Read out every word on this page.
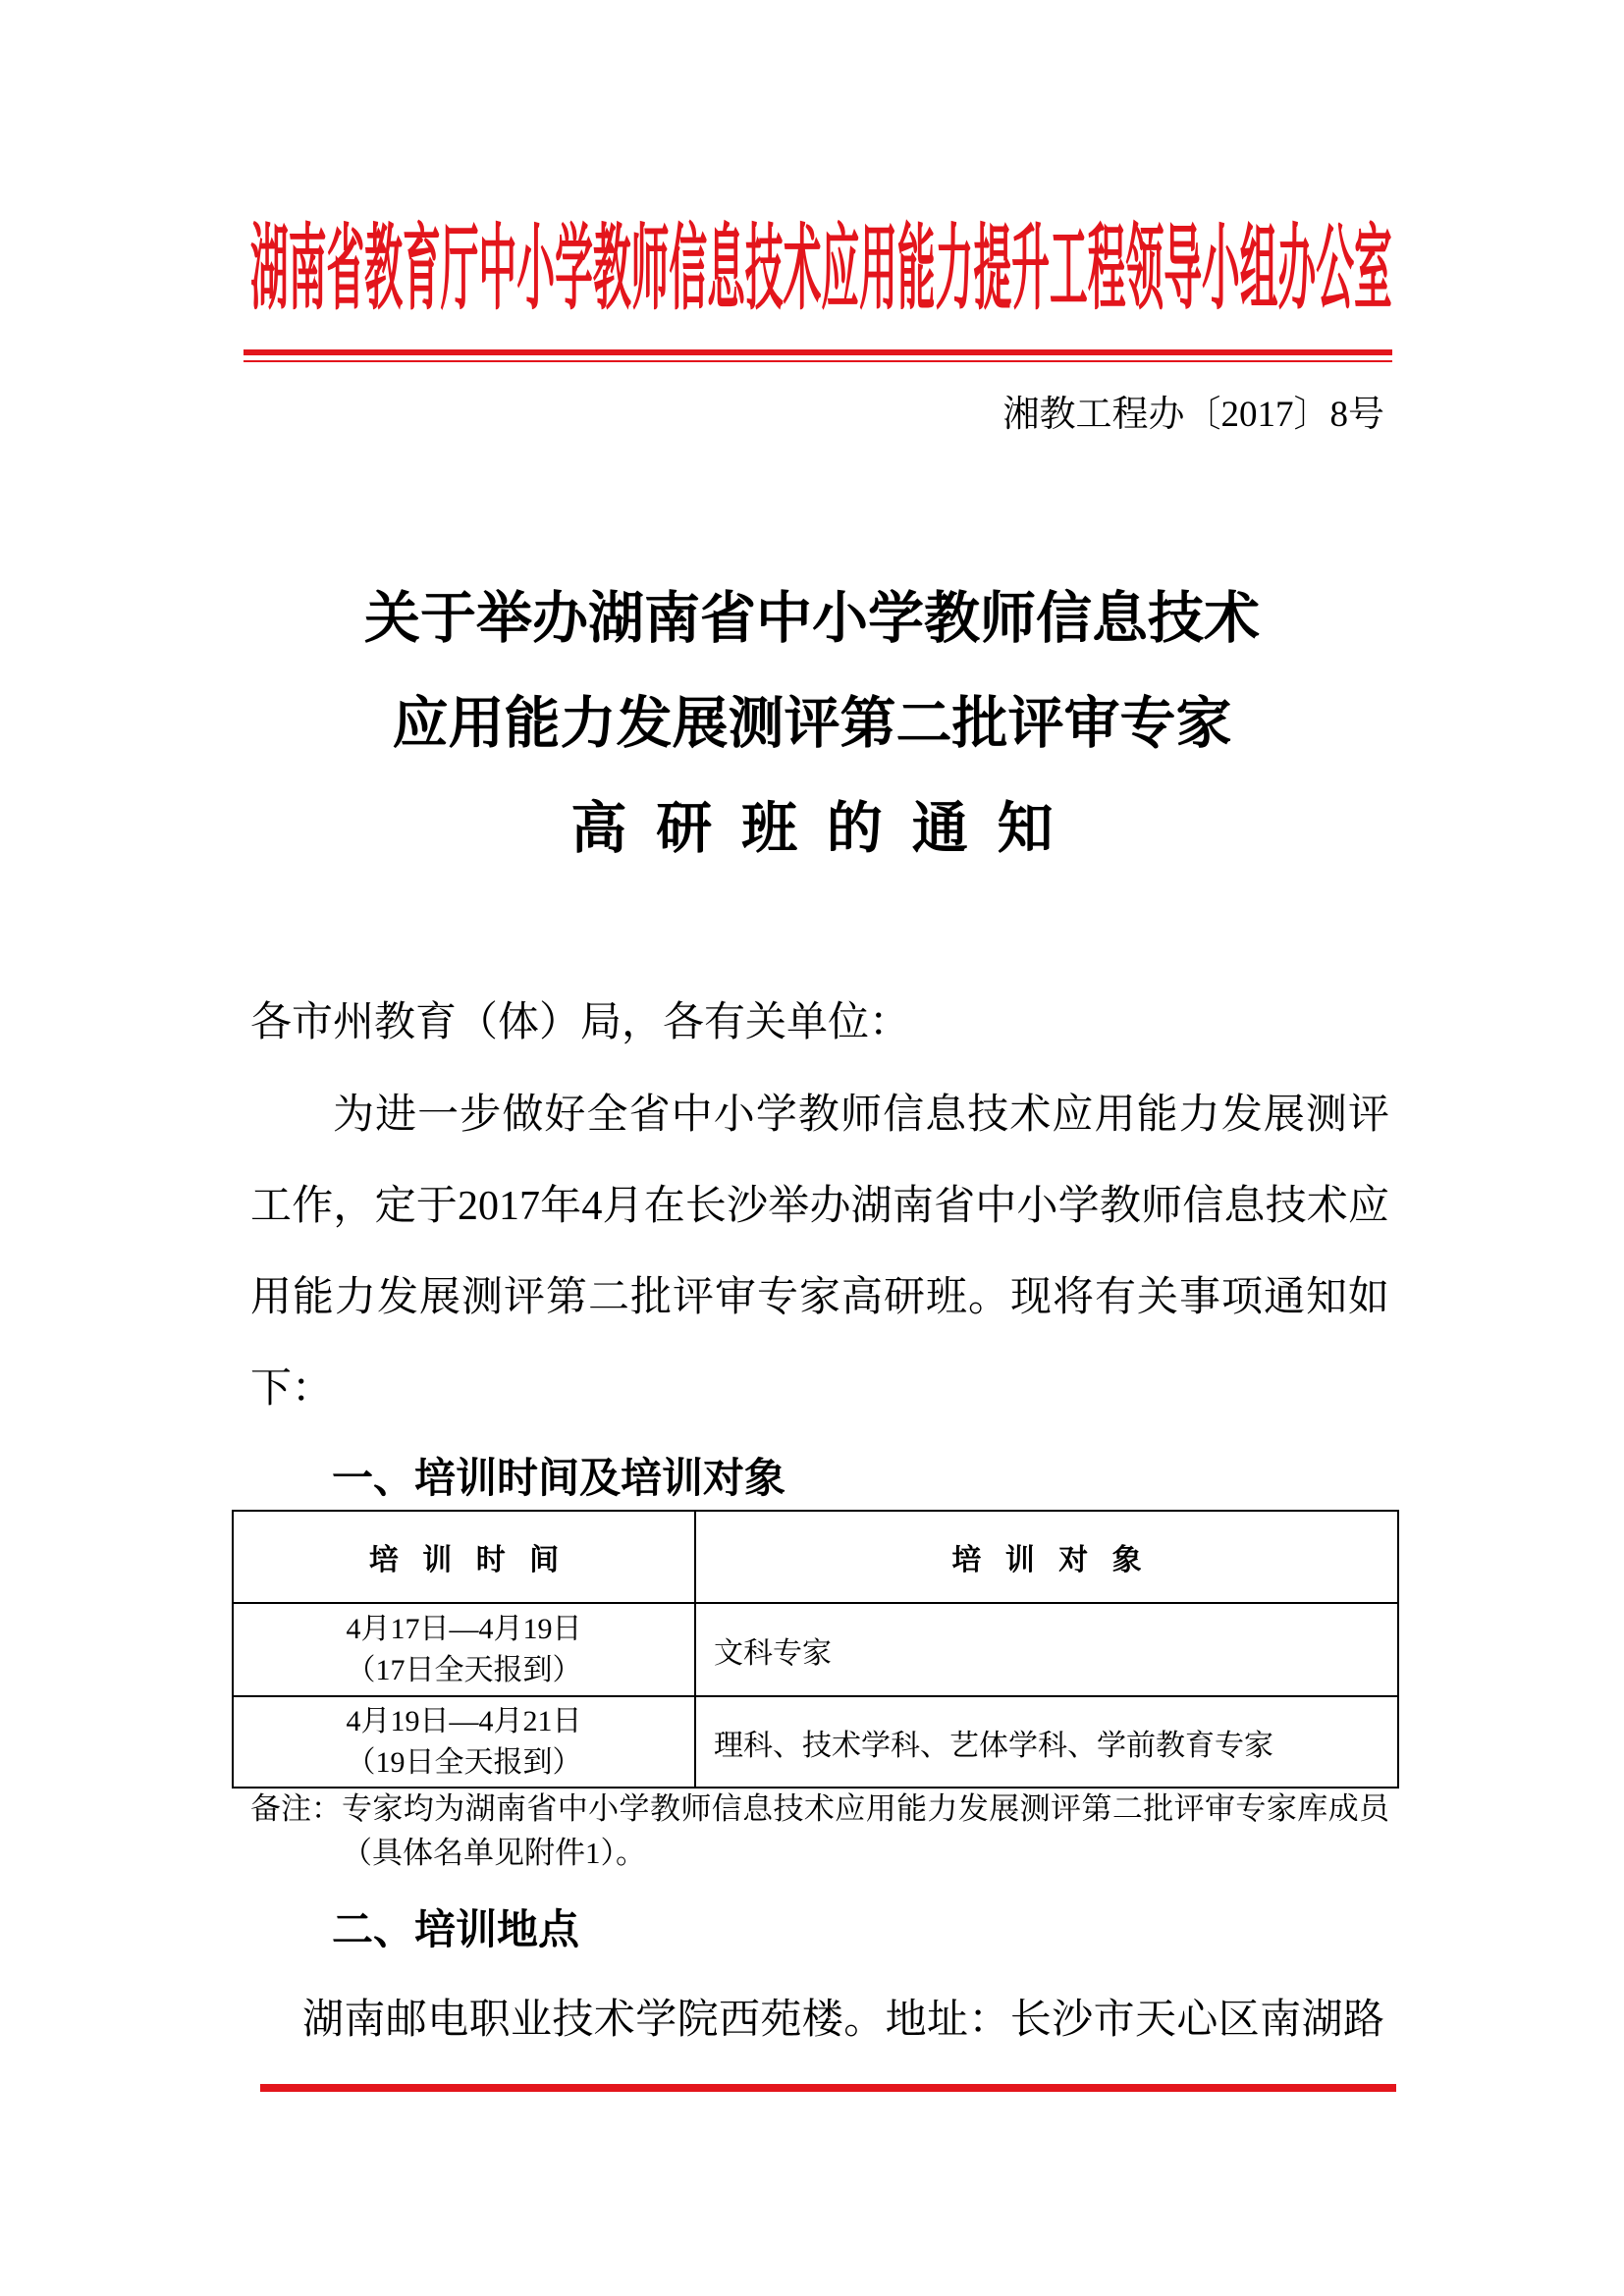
湖南省教育厅中小学教师信息技术应用能力提升工程领导小组办公室
湘教工程办〔2017〕8号
关于举办湖南省中小学教师信息技术
应用能力发展测评第二批评审专家
高 研 班 的 通 知
各市州教育（体）局，各有关单位：

为进一步做好全省中小学教师信息技术应用能力发展测评工作，定于2017年4月在长沙举办湖南省中小学教师信息技术应用能力发展测评第二批评审专家高研班。现将有关事项通知如下：

一、培训时间及培训对象
培 训 时 间	培 训 对 象

4月17日—4月19日
（17日全天报到）	文科专家

4月19日—4月21日
（19日全天报到）	理科、技术学科、艺体学科、学前教育专家
备注： 专家均为湖南省中小学教师信息技术应用能力发展测评第二批评审专家库成员（具体名单见附件1）。
二、培训地点

湖南邮电职业技术学院西苑楼。地址：长沙市天心区南湖路
